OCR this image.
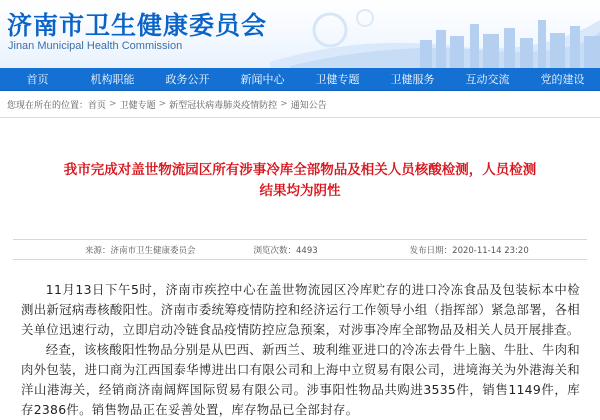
济南市卫生健康委员会
Jinan Municipal Health Commission
首页	机构职能	政务公开	新闻中心	卫健专题	卫健服务	互动交流	党的建设
您现在所在的位置： 首页 > 卫健专题 > 新型冠状病毒肺炎疫情防控 > 通知公告
我市完成对盖世物流园区所有涉事冷库全部物品及相关人员核酸检测，人员检测结果均为阴性
来源：济南市卫生健康委员会	浏览次数：4493	发布日期：2020-11-14 23:20

11月13日下午5时，济南市疾控中心在盖世物流园区冷库贮存的进口冷冻食品及包装标本中检测出新冠病毒核酸阳性。济南市委统筹疫情防控和经济运行工作领导小组（指挥部）紧急部署，各相关单位迅速行动，立即启动冷链食品疫情防控应急预案，对涉事冷库全部物品及相关人员开展排查。

经查，该核酸阳性物品分别是从巴西、新西兰、玻利维亚进口的冷冻去骨牛上脑、牛肚、牛肉和肉外包装，进口商为江西国泰华博进出口有限公司和上海中立贸易有限公司，进境海关为外港海关和洋山港海关，经销商济南阔辉国际贸易有限公司。涉事阳性物品共购进3535件，销售1149件，库存2386件。销售物品正在妥善处置，库存物品已全部封存。
